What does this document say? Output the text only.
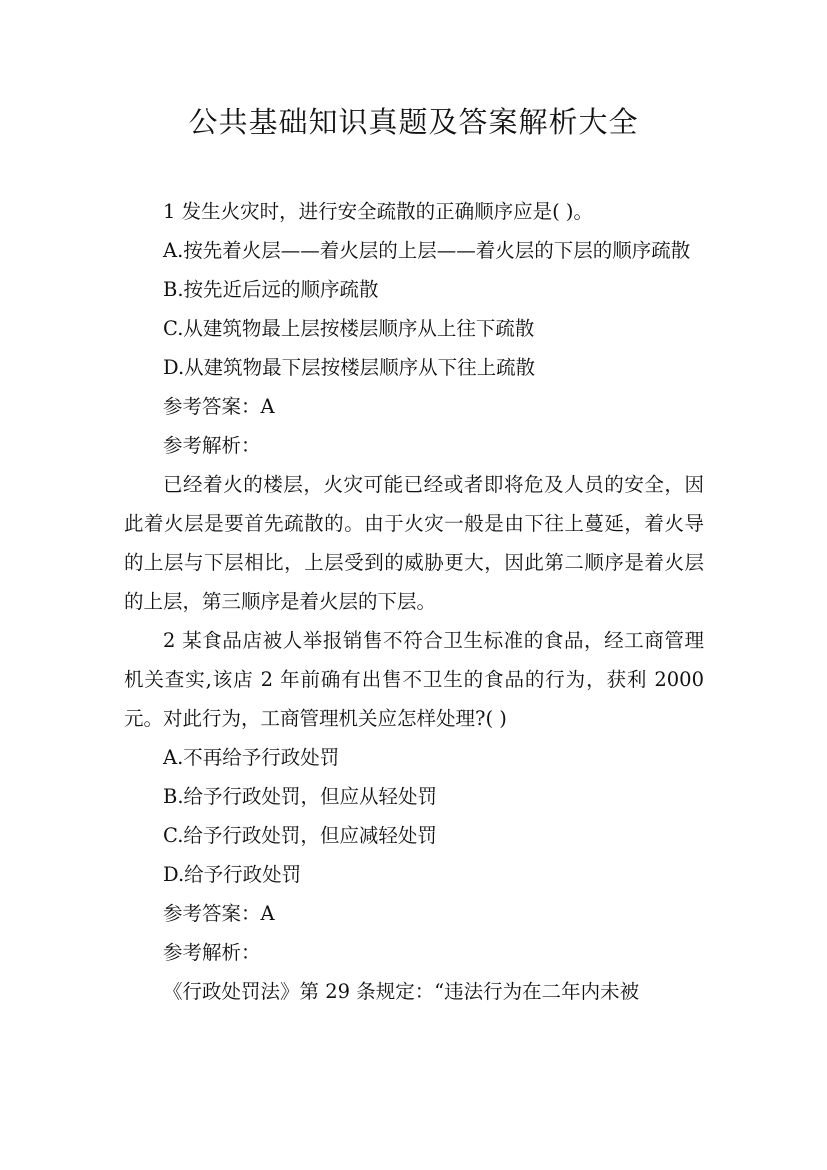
公共基础知识真题及答案解析大全

1 发生火灾时，进行安全疏散的正确顺序应是( )。

A.按先着火层——着火层的上层——着火层的下层的顺序疏散

B.按先近后远的顺序疏散

C.从建筑物最上层按楼层顺序从上往下疏散

D.从建筑物最下层按楼层顺序从下往上疏散

参考答案：A

参考解析：

已经着火的楼层，火灾可能已经或者即将危及人员的安全，因此着火层是要首先疏散的。由于火灾一般是由下往上蔓延，着火导的上层与下层相比，上层受到的威胁更大，因此第二顺序是着火层的上层，第三顺序是着火层的下层。

2 某食品店被人举报销售不符合卫生标准的食品，经工商管理机关查实,该店 2 年前确有出售不卫生的食品的行为，获利 2000 元。对此行为，工商管理机关应怎样处理?( )

A.不再给予行政处罚

B.给予行政处罚，但应从轻处罚

C.给予行政处罚，但应减轻处罚

D.给予行政处罚

参考答案：A

参考解析：

《行政处罚法》第 29 条规定：“违法行为在二年内未被
